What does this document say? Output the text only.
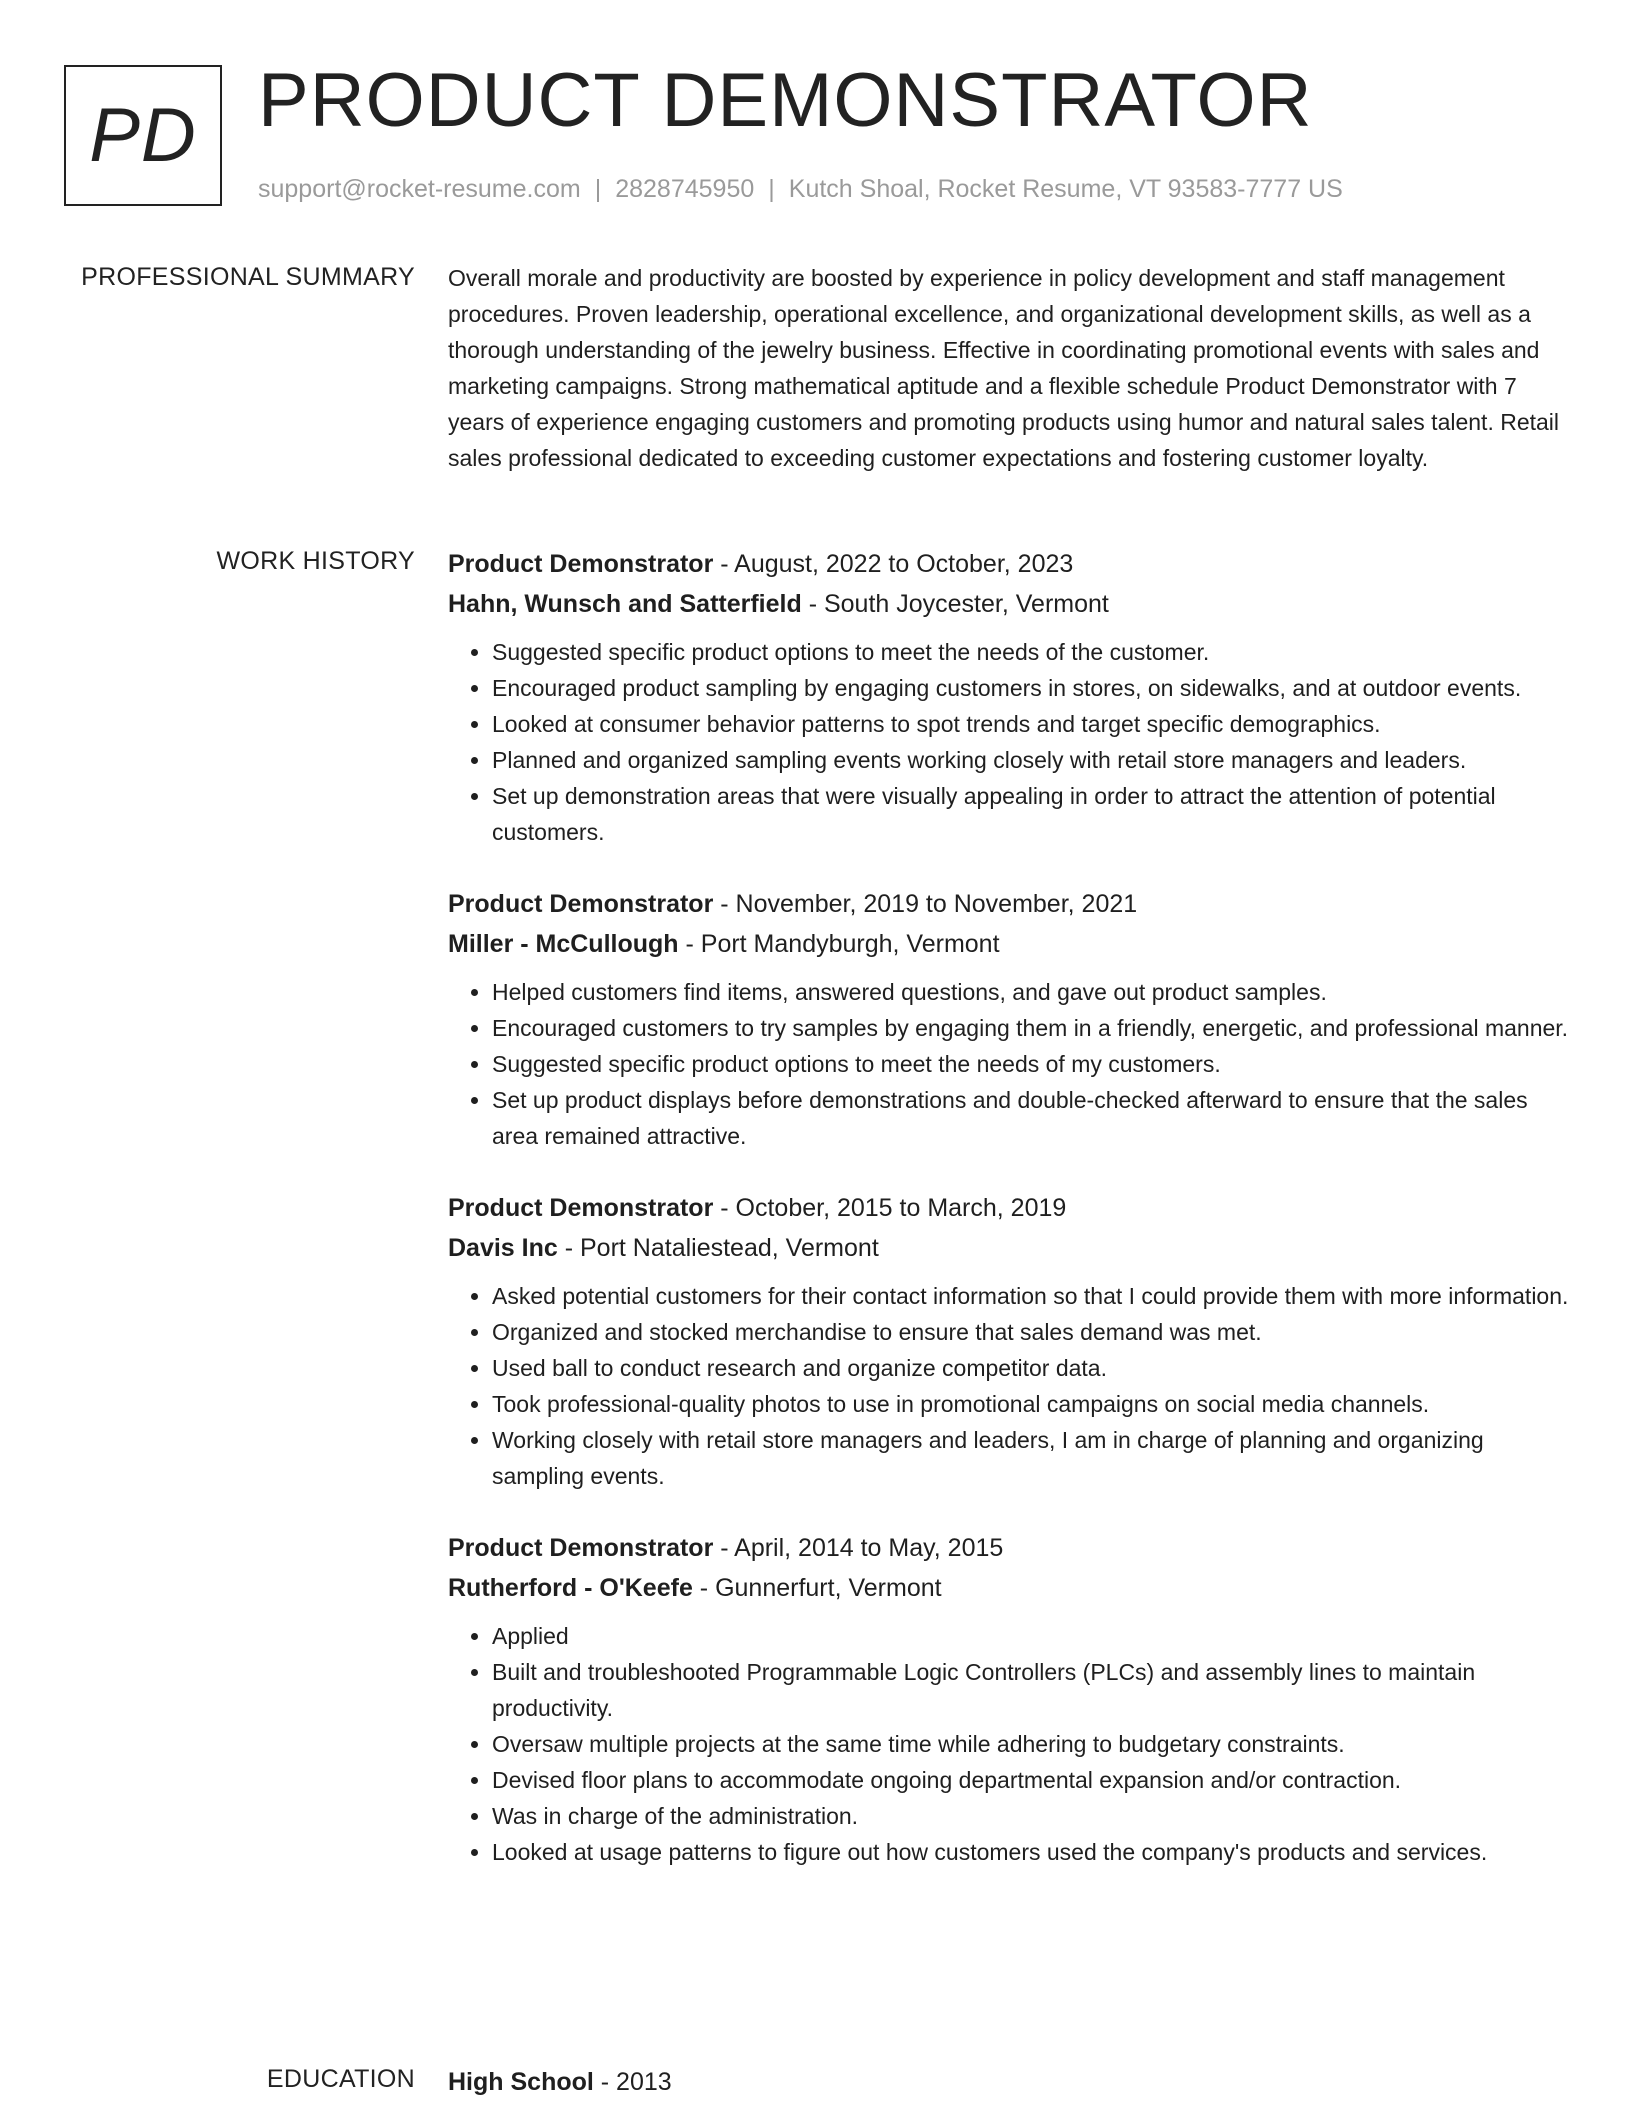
PD PRODUCT DEMONSTRATOR
support@rocket-resume.com | 2828745950 | Kutch Shoal, Rocket Resume, VT 93583-7777 US
PROFESSIONAL SUMMARY Overall morale and productivity are boosted by experience in policy development and staff management procedures. Proven leadership, operational excellence, and organizational development skills, as well as a thorough understanding of the jewelry business. Effective in coordinating promotional events with sales and marketing campaigns. Strong mathematical aptitude and a flexible schedule Product Demonstrator with 7 years of experience engaging customers and promoting products using humor and natural sales talent. Retail sales professional dedicated to exceeding customer expectations and fostering customer loyalty.

WORK HISTORY Product Demonstrator - August, 2022 to October, 2023
Hahn, Wunsch and Satterfield - South Joycester, Vermont
• Suggested specific product options to meet the needs of the customer.
• Encouraged product sampling by engaging customers in stores, on sidewalks, and at outdoor events.
• Looked at consumer behavior patterns to spot trends and target specific demographics.
• Planned and organized sampling events working closely with retail store managers and leaders.
• Set up demonstration areas that were visually appealing in order to attract the attention of potential customers.
Product Demonstrator - November, 2019 to November, 2021
Miller - McCullough - Port Mandyburgh, Vermont
• Helped customers find items, answered questions, and gave out product samples.
• Encouraged customers to try samples by engaging them in a friendly, energetic, and professional manner.
• Suggested specific product options to meet the needs of my customers.
• Set up product displays before demonstrations and double-checked afterward to ensure that the sales area remained attractive.
Product Demonstrator - October, 2015 to March, 2019
Davis Inc - Port Nataliestead, Vermont
• Asked potential customers for their contact information so that I could provide them with more information.
• Organized and stocked merchandise to ensure that sales demand was met.
• Used ball to conduct research and organize competitor data.
• Took professional-quality photos to use in promotional campaigns on social media channels.
• Working closely with retail store managers and leaders, I am in charge of planning and organizing sampling events.
Product Demonstrator - April, 2014 to May, 2015
Rutherford - O'Keefe - Gunnerfurt, Vermont
• Applied
• Built and troubleshooted Programmable Logic Controllers (PLCs) and assembly lines to maintain productivity.
• Oversaw multiple projects at the same time while adhering to budgetary constraints.
• Devised floor plans to accommodate ongoing departmental expansion and/or contraction.
• Was in charge of the administration.
• Looked at usage patterns to figure out how customers used the company's products and services.
EDUCATION High School - 2013
